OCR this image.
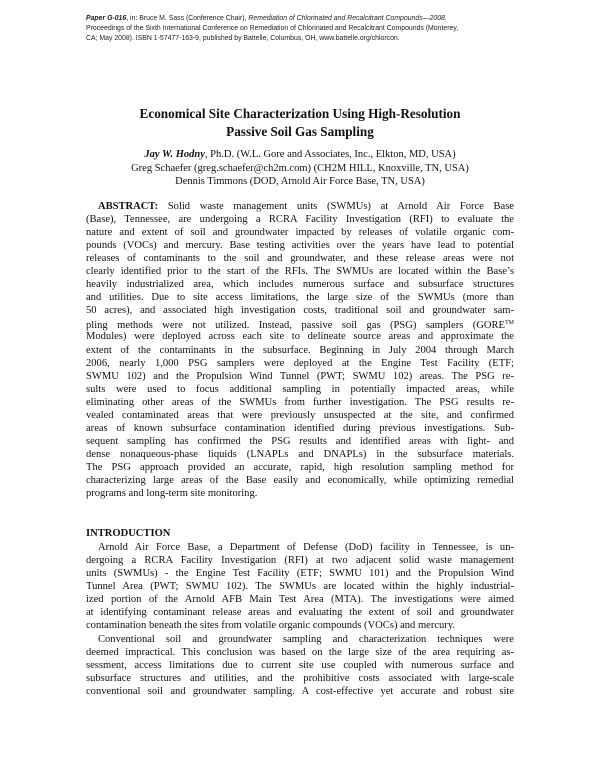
Paper G-016, in: Bruce M. Sass (Conference Chair), Remediation of Chlorinated and Recalcitrant Compounds—2008.
Proceedings of the Sixth International Conference on Remediation of Chlorinated and Recalcitrant Compounds (Monterey,
CA; May 2008). ISBN 1-57477-163-9, published by Battelle, Columbus, OH, www.battelle.org/chlorcon.
Economical Site Characterization Using High-Resolution
Passive Soil Gas Sampling
Jay W. Hodny, Ph.D. (W.L. Gore and Associates, Inc., Elkton, MD, USA)
Greg Schaefer (greg.schaefer@ch2m.com) (CH2M HILL, Knoxville, TN, USA)
Dennis Timmons (DOD, Arnold Air Force Base, TN, USA)
ABSTRACT: Solid waste management units (SWMUs) at Arnold Air Force Base
(Base), Tennessee, are undergoing a RCRA Facility Investigation (RFI) to evaluate the
nature and extent of soil and groundwater impacted by releases of volatile organic com-
pounds (VOCs) and mercury. Base testing activities over the years have lead to potential
releases of contaminants to the soil and groundwater, and these release areas were not
clearly identified prior to the start of the RFIs. The SWMUs are located within the Base’s
heavily industrialized area, which includes numerous surface and subsurface structures
and utilities. Due to site access limitations, the large size of the SWMUs (more than
50 acres), and associated high investigation costs, traditional soil and groundwater sam-
pling methods were not utilized. Instead, passive soil gas (PSG) samplers (GORE™
Modules) were deployed across each site to delineate source areas and approximate the
extent of the contaminants in the subsurface. Beginning in July 2004 through March
2006, nearly 1,000 PSG samplers were deployed at the Engine Test Facility (ETF;
SWMU 102) and the Propulsion Wind Tunnel (PWT; SWMU 102) areas. The PSG re-
sults were used to focus additional sampling in potentially impacted areas, while
eliminating other areas of the SWMUs from further investigation. The PSG results re-
vealed contaminated areas that were previously unsuspected at the site, and confirmed
areas of known subsurface contamination identified during previous investigations. Sub-
sequent sampling has confirmed the PSG results and identified areas with light- and
dense nonaqueous-phase liquids (LNAPLs and DNAPLs) in the subsurface materials.
The PSG approach provided an accurate, rapid, high resolution sampling method for
characterizing large areas of the Base easily and economically, while optimizing remedial
programs and long-term site monitoring.
INTRODUCTION
Arnold Air Force Base, a Department of Defense (DoD) facility in Tennessee, is un-
dergoing a RCRA Facility Investigation (RFI) at two adjacent solid waste management
units (SWMUs) - the Engine Test Facility (ETF; SWMU 101) and the Propulsion Wind
Tunnel Area (PWT; SWMU 102). The SWMUs are located within the highly industrial-
ized portion of the Arnold AFB Main Test Area (MTA). The investigations were aimed
at identifying contaminant release areas and evaluating the extent of soil and groundwater
contamination beneath the sites from volatile organic compounds (VOCs) and mercury.
Conventional soil and groundwater sampling and characterization techniques were
deemed impractical. This conclusion was based on the large size of the area requiring as-
sessment, access limitations due to current site use coupled with numerous surface and
subsurface structures and utilities, and the prohibitive costs associated with large-scale
conventional soil and groundwater sampling. A cost-effective yet accurate and robust site
